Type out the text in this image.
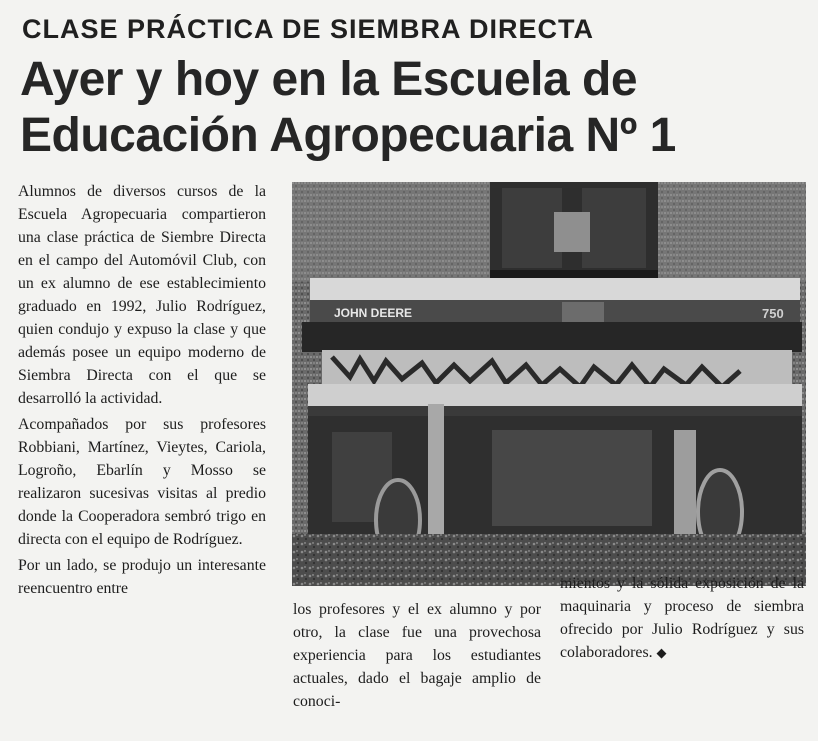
CLASE PRÁCTICA DE SIEMBRA DIRECTA
Ayer y hoy en la Escuela de
Educación Agropecuaria Nº 1

Alumnos de diversos cursos de la Escuela Agropecuaria compartieron una clase práctica de Siembre Directa en el campo del Automóvil Club, con un ex alumno de ese establecimiento graduado en 1992, Julio Rodríguez, quien condujo y expuso la clase y que además posee un equipo moderno de Siembra Directa con el que se desarrolló la actividad.

Acompañados por sus profesores Robbiani, Martínez, Vieytes, Cariola, Logroño, Ebarlín y Mosso se realizaron sucesivas visitas al predio donde la Cooperadora sembró trigo en directa con el equipo de Rodríguez.

Por un lado, se produjo un interesante reencuentro entre

JOHN DEERE	750

los profesores y el ex alumno y por otro, la clase fue una provechosa experiencia para los estudiantes actuales, dado el bagaje amplio de conoci-

mientos y la sólida exposición de la maquinaria y proceso de siembra ofrecido por Julio Rodríguez y sus colaboradores. ◆
